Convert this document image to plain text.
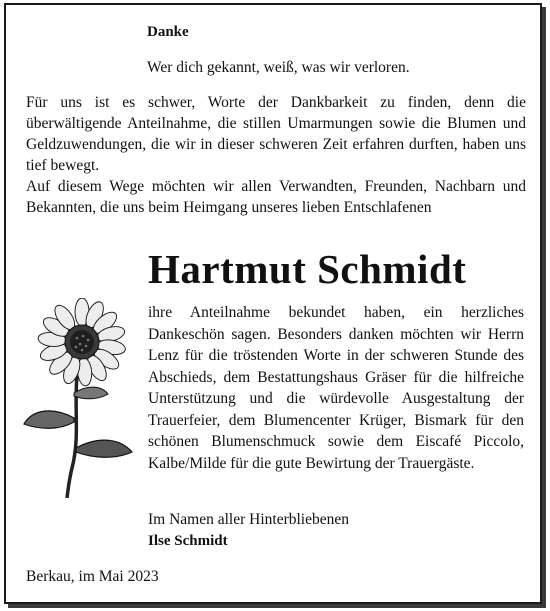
Danke
Wer dich gekannt, weiß, was wir verloren.
Für uns ist es schwer, Worte der Dankbarkeit zu finden, denn die überwältigende Anteilnahme, die stillen Umarmungen sowie die Blumen und Geldzuwendungen, die wir in dieser schweren Zeit erfahren durften, haben uns tief bewegt.
Auf diesem Wege möchten wir allen Verwandten, Freunden, Nachbarn und Bekannten, die uns beim Heimgang unseres lieben Entschlafenen
Hartmut Schmidt
ihre Anteilnahme bekundet haben, ein herzliches Dankeschön sagen. Besonders danken möchten wir Herrn Lenz für die tröstenden Worte in der schweren Stunde des Abschieds, dem Bestattungshaus Gräser für die hilfreiche Unterstützung und die würdevolle Ausgestaltung der Trauerfeier, dem Blumencenter Krüger, Bismark für den schönen Blumenschmuck sowie dem Eiscafé Piccolo, Kalbe/Milde für die gute Bewirtung der Trauergäste.
Im Namen aller Hinterbliebenen
Ilse Schmidt
Berkau, im Mai 2023
